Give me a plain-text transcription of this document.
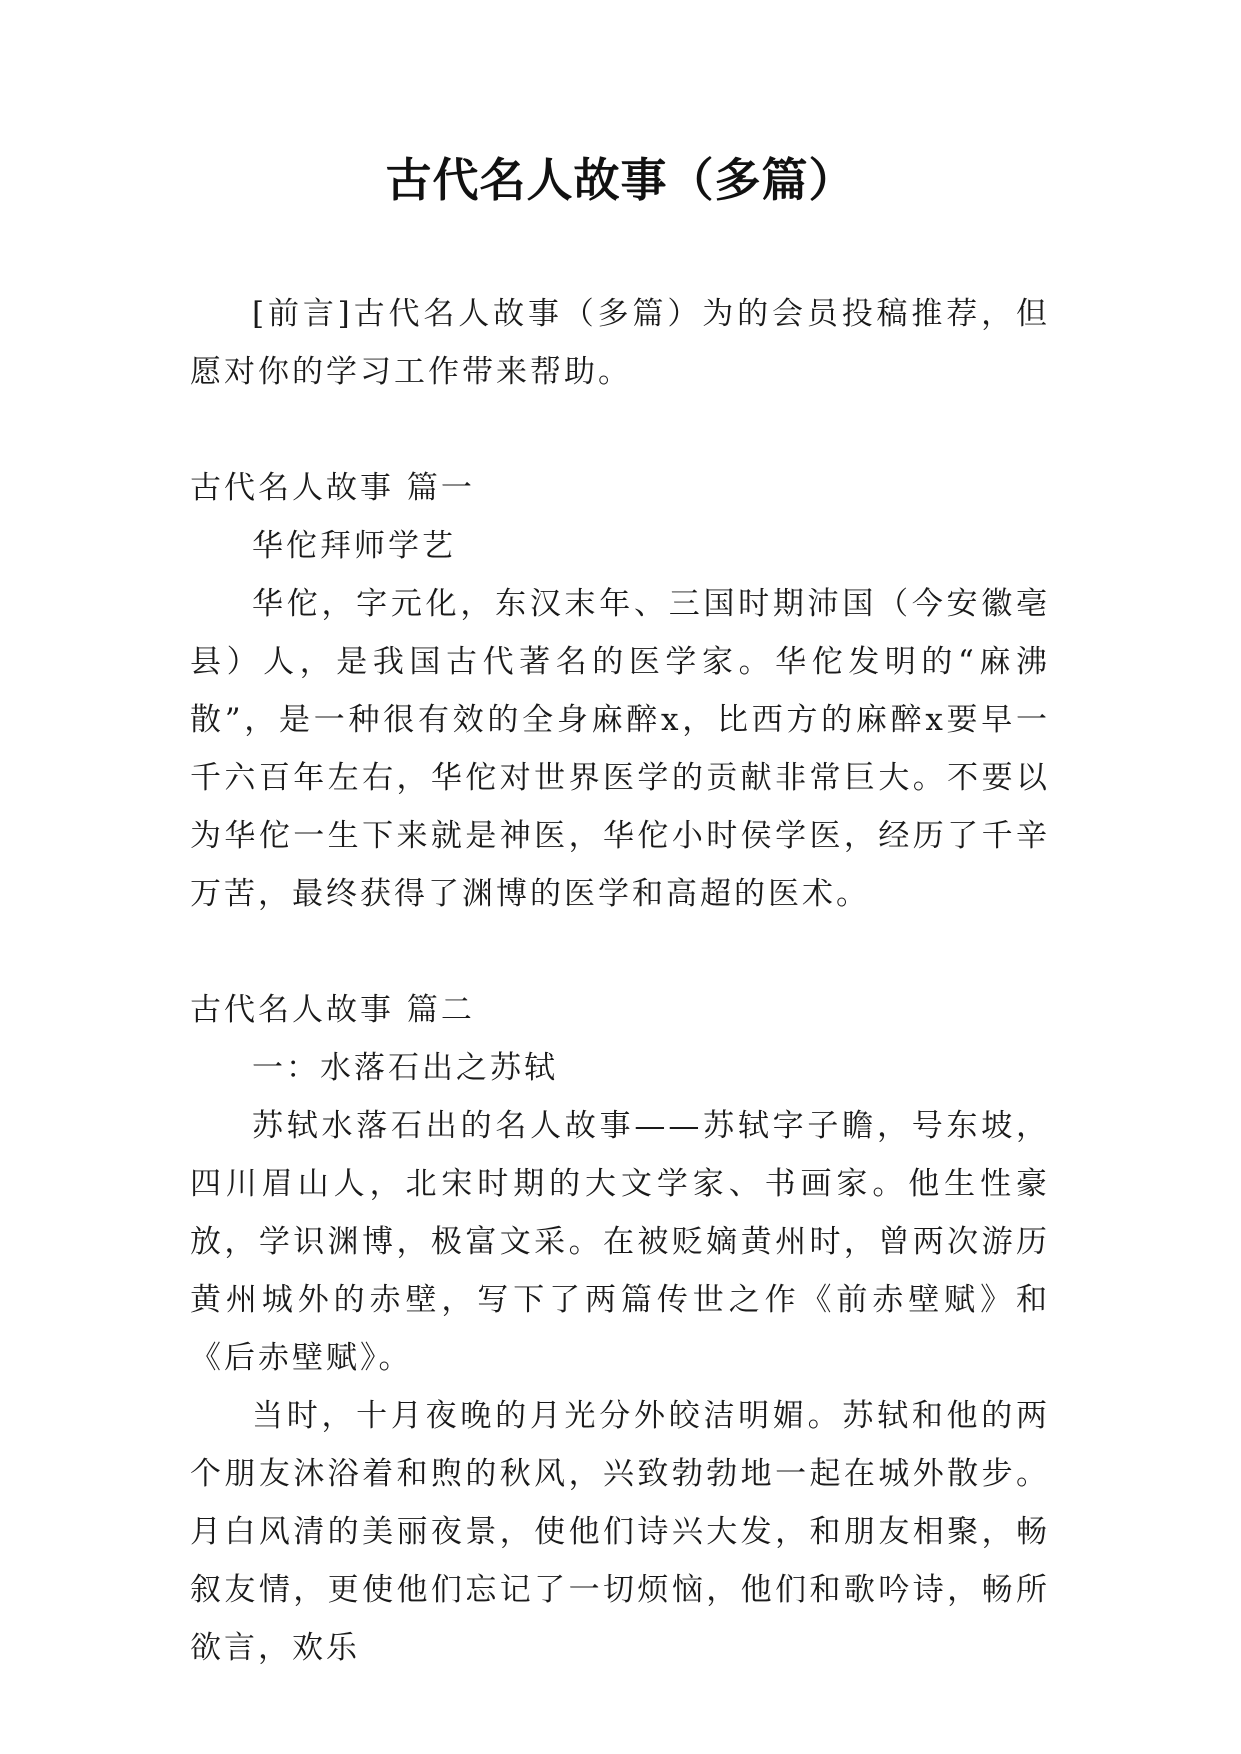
古代名人故事（多篇）

[前言]古代名人故事（多篇）为的会员投稿推荐，但愿对你的学习工作带来帮助。

古代名人故事 篇一

华佗拜师学艺

华佗，字元化，东汉末年、三国时期沛国（今安徽亳县）人，是我国古代著名的医学家。华佗发明的“麻沸散”，是一种很有效的全身麻醉x，比西方的麻醉x要早一千六百年左右，华佗对世界医学的贡献非常巨大。不要以为华佗一生下来就是神医，华佗小时侯学医，经历了千辛万苦，最终获得了渊博的医学和高超的医术。

古代名人故事 篇二

一：水落石出之苏轼

苏轼水落石出的名人故事——苏轼字子瞻，号东坡，四川眉山人，北宋时期的大文学家、书画家。他生性豪放，学识渊博，极富文采。在被贬嫡黄州时，曾两次游历黄州城外的赤壁，写下了两篇传世之作《前赤壁赋》和《后赤壁赋》。

当时，十月夜晚的月光分外皎洁明媚。苏轼和他的两个朋友沐浴着和煦的秋风，兴致勃勃地一起在城外散步。月白风清的美丽夜景，使他们诗兴大发，和朋友相聚，畅叙友情，更使他们忘记了一切烦恼，他们和歌吟诗，畅所欲言，欢乐
